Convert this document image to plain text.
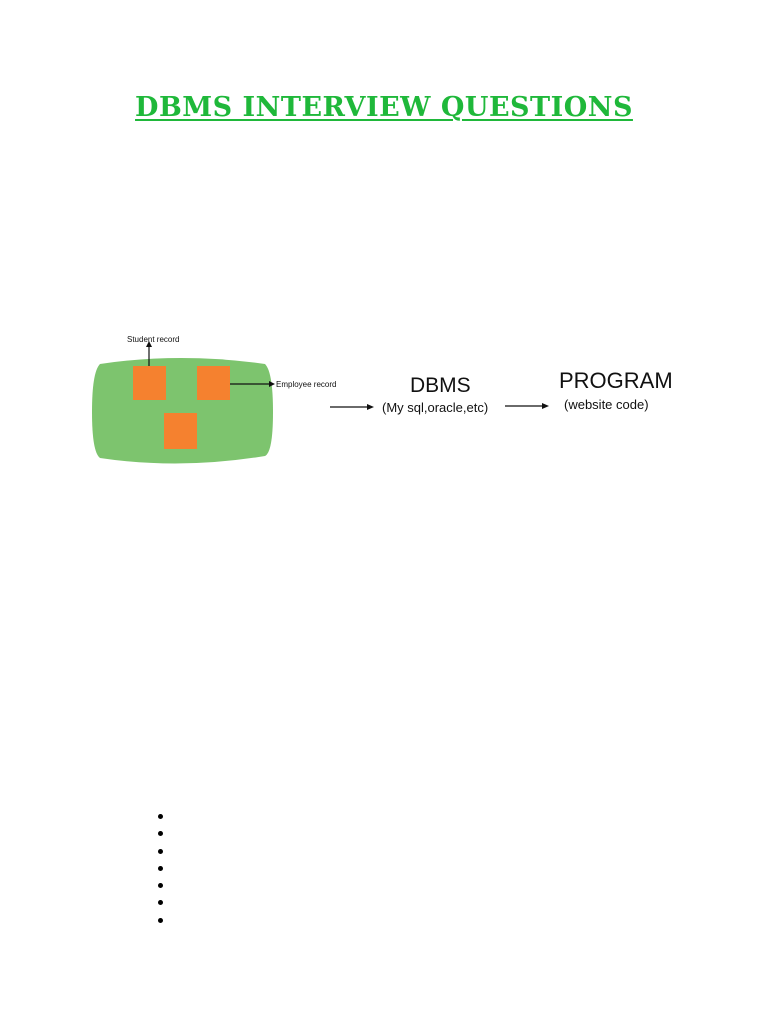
DBMS INTERVIEW QUESTIONS
Student record
Employee record	DBMS
(My sql,oracle,etc)
PROGRAM
(website code)
